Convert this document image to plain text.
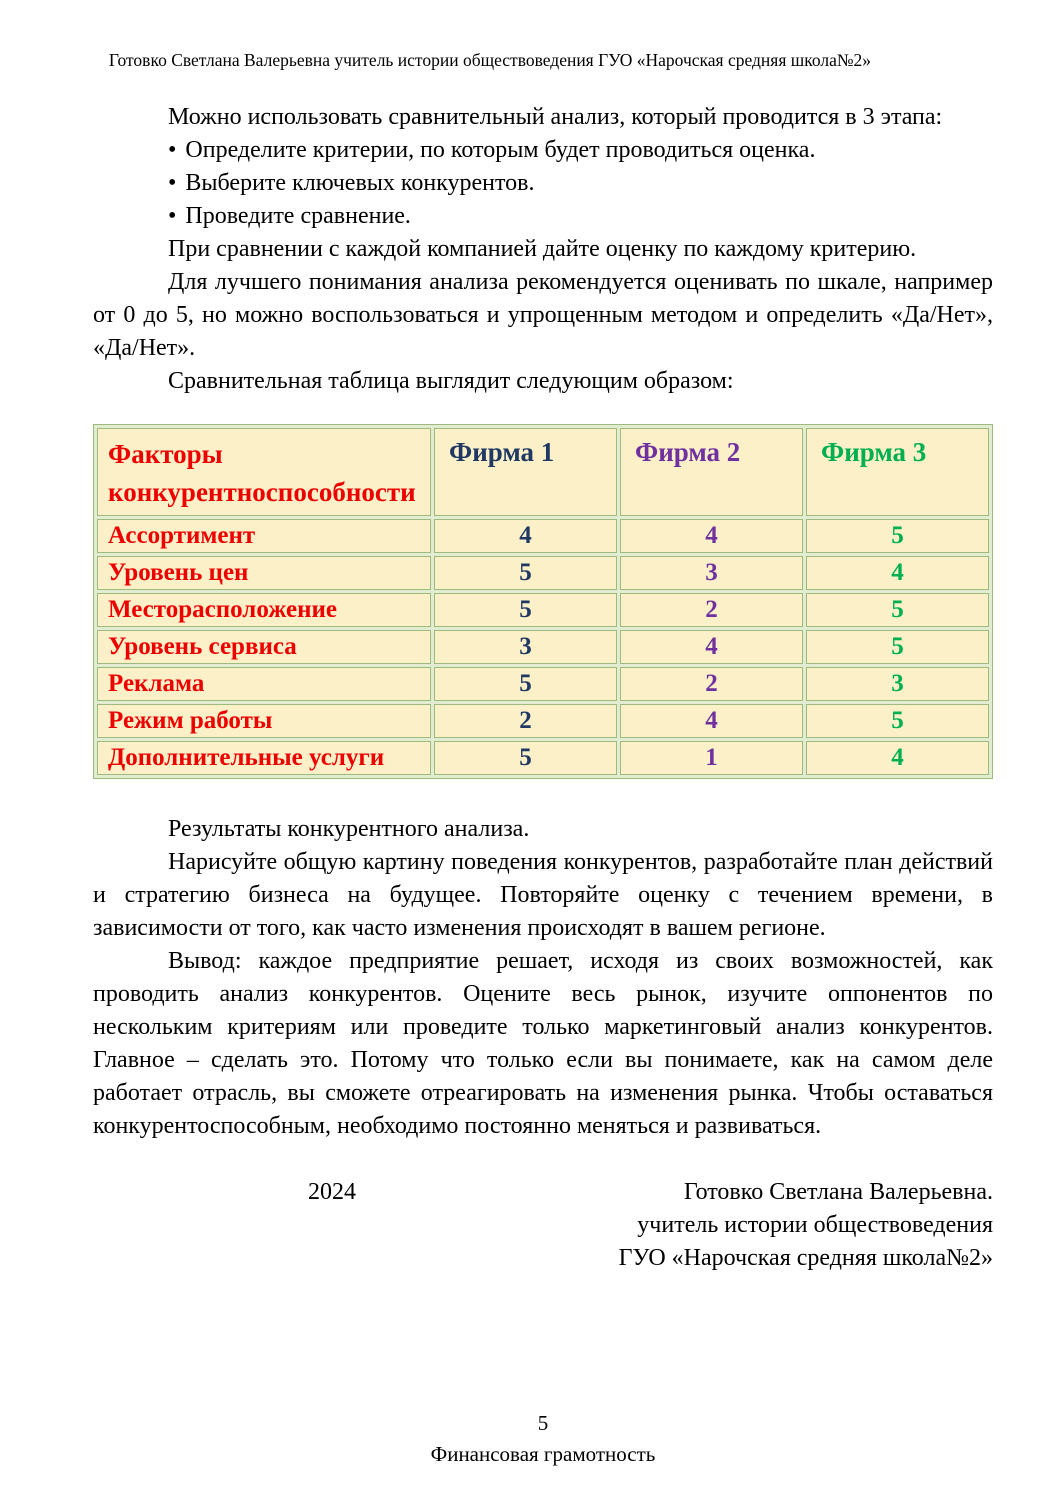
Готовко Светлана Валерьевна учитель истории обществоведения ГУО «Нарочская средняя школа№2»

Можно использовать сравнительный анализ, который проводится в 3 этапа:

• Определите критерии, по которым будет проводиться оценка.
• Выберите ключевых конкурентов.
• Проведите сравнение.

При сравнении с каждой компанией дайте оценку по каждому критерию.

Для лучшего понимания анализа рекомендуется оценивать по шкале, например от 0 до 5, но можно воспользоваться и упрощенным методом и определить «Да/Нет», «Да/Нет».

Сравнительная таблица выглядит следующим образом:

Факторы конкурентноспособности	Фирма 1	Фирма 2	Фирма 3
Ассортимент	4	4	5
Уровень цен	5	3	4
Месторасположение	5	2	5
Уровень сервиса	3	4	5
Реклама	5	2	3
Режим работы	2	4	5
Дополнительные услуги	5	1	4

Результаты конкурентного анализа.

Нарисуйте общую картину поведения конкурентов, разработайте план действий и стратегию бизнеса на будущее. Повторяйте оценку с течением времени, в зависимости от того, как часто изменения происходят в вашем регионе.

Вывод: каждое предприятие решает, исходя из своих возможностей, как проводить анализ конкурентов. Оцените весь рынок, изучите оппонентов по нескольким критериям или проведите только маркетинговый анализ конкурентов. Главное – сделать это. Потому что только если вы понимаете, как на самом деле работает отрасль, вы сможете отреагировать на изменения рынка. Чтобы оставаться конкурентоспособным, необходимо постоянно меняться и развиваться.

2024	Готовко Светлана Валерьевна.
учитель истории обществоведения
ГУО «Нарочская средняя школа№2»
5
Финансовая грамотность
